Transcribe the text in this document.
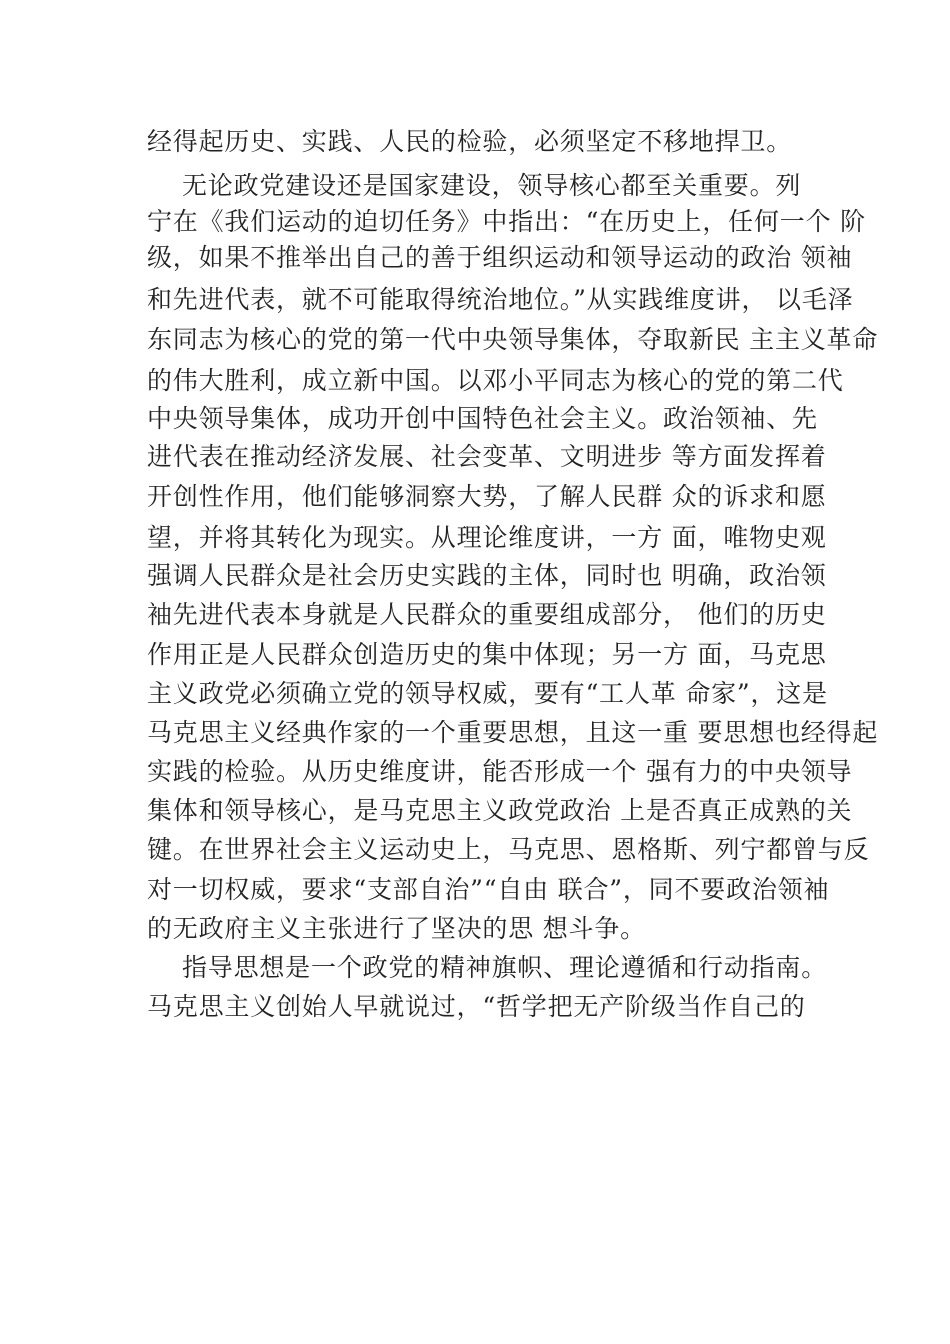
经得起历史、实践、人民的检验，必须坚定不移地捍卫。
无论政党建设还是国家建设，领导核心都至关重要。列
宁在《我们运动的迫切任务》中指出：“在历史上，任何一个 阶
级，如果不推举出自己的善于组织运动和领导运动的政治 领袖
和先进代表，就不可能取得统治地位。”从实践维度讲， 以毛泽
东同志为核心的党的第一代中央领导集体，夺取新民 主主义革命
的伟大胜利，成立新中国。以邓小平同志为核心的党的第二代
中央领导集体，成功开创中国特色社会主义。政治领袖、先
进代表在推动经济发展、社会变革、文明进步 等方面发挥着
开创性作用，他们能够洞察大势，了解人民群 众的诉求和愿
望，并将其转化为现实。从理论维度讲，一方 面，唯物史观
强调人民群众是社会历史实践的主体，同时也 明确，政治领
袖先进代表本身就是人民群众的重要组成部分， 他们的历史
作用正是人民群众创造历史的集中体现；另一方 面，马克思
主义政党必须确立党的领导权威，要有“工人革 命家”，这是
马克思主义经典作家的一个重要思想，且这一重 要思想也经得起
实践的检验。从历史维度讲，能否形成一个 强有力的中央领导
集体和领导核心，是马克思主义政党政治 上是否真正成熟的关
键。在世界社会主义运动史上，马克思、恩格斯、列宁都曾与反
对一切权威，要求“支部自治”“自由 联合”，同不要政治领袖
的无政府主义主张进行了坚决的思 想斗争。
指导思想是一个政党的精神旗帜、理论遵循和行动指南。
马克思主义创始人早就说过，“哲学把无产阶级当作自己的
